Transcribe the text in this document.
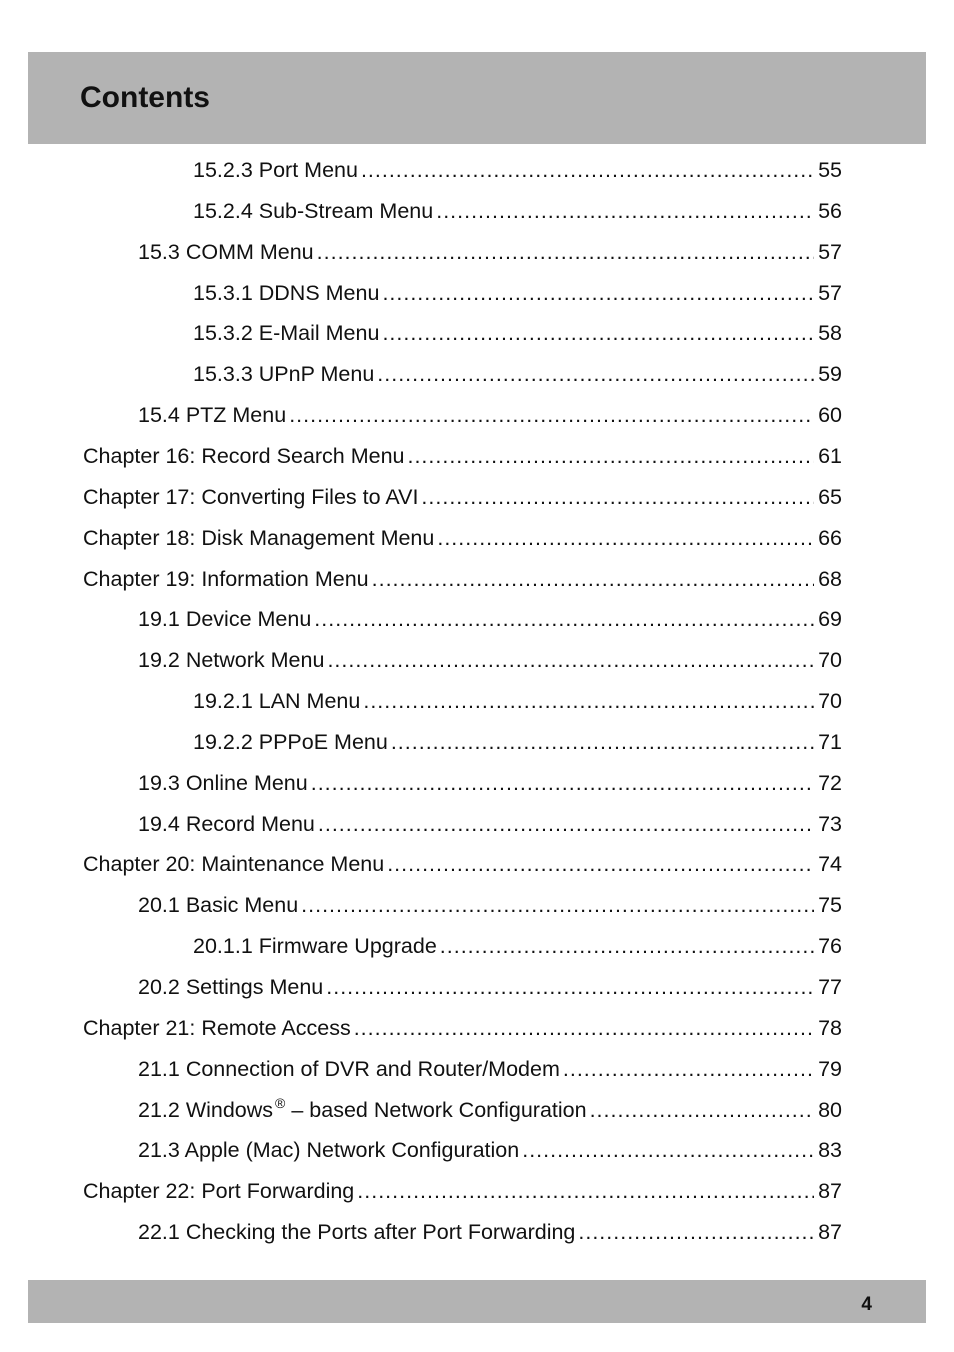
Contents
15.2.3 Port Menu .....	55
15.2.4 Sub-Stream Menu .....	56
15.3 COMM Menu .....	57
15.3.1 DDNS Menu .....	57
15.3.2 E-Mail Menu .....	58
15.3.3 UPnP Menu .....	59
15.4 PTZ Menu .....	60
Chapter 16: Record Search Menu .....	61
Chapter 17: Converting Files to AVI .....	65
Chapter 18: Disk Management Menu .....	66
Chapter 19: Information Menu .....	68
19.1 Device Menu .....	69
19.2 Network Menu .....	70
19.2.1 LAN Menu .....	70
19.2.2 PPPoE Menu .....	71
19.3 Online Menu .....	72
19.4 Record Menu .....	73
Chapter 20: Maintenance Menu .....	74
20.1 Basic Menu .....	75
20.1.1 Firmware Upgrade .....	76
20.2 Settings Menu .....	77
Chapter 21: Remote Access .....	78
21.1 Connection of DVR and Router/Modem .....	79
21.2 Windows ® – based Network Configuration .....	80
21.3 Apple (Mac) Network Configuration .....	83
Chapter 22: Port Forwarding .....	87
22.1 Checking the Ports after Port Forwarding .....	87
4
